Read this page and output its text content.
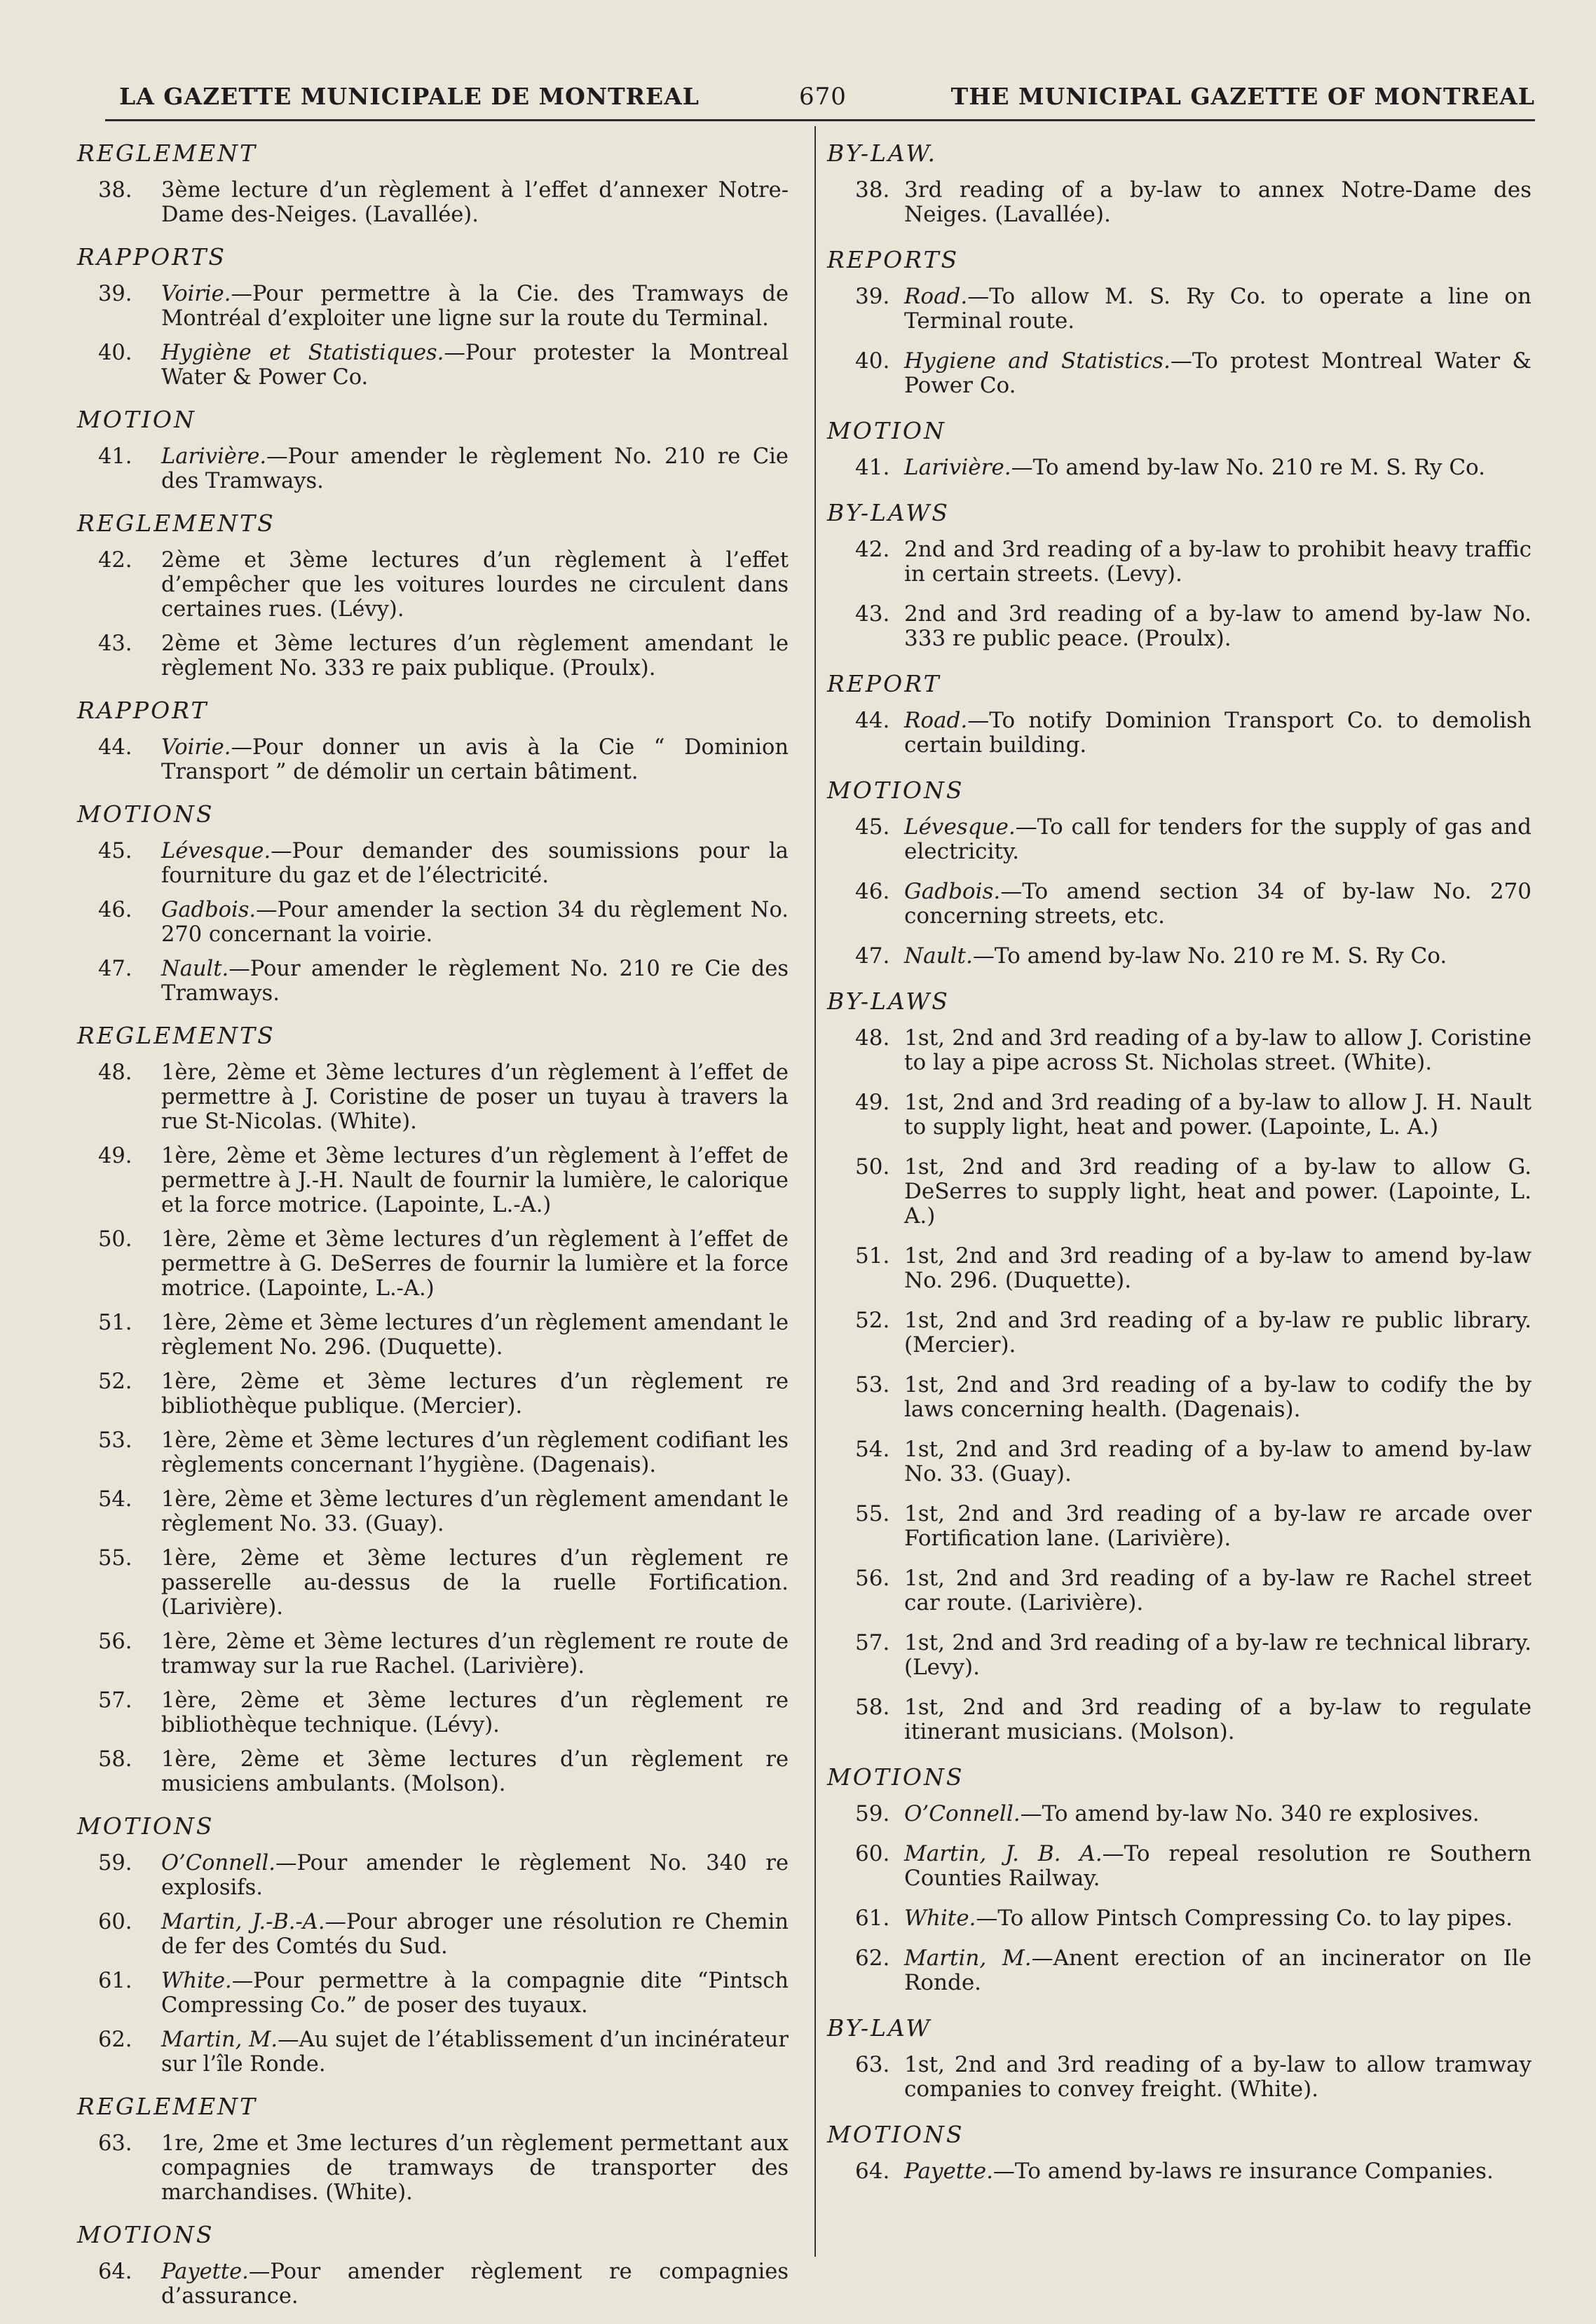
LA GAZETTE MUNICIPALE DE MONTREAL	670	THE MUNICIPAL GAZETTE OF MONTREAL
REGLEMENT
38. 3ème lecture d’un règlement à l’effet d’annexer Notre-Dame des-Neiges. (Lavallée).
RAPPORTS
39. Voirie.—Pour permettre à la Cie. des Tramways de Montréal d’exploiter une ligne sur la route du Terminal.
40. Hygiène et Statistiques.—Pour protester la Montreal Water & Power Co.
MOTION
41. Larivière.—Pour amender le règlement No. 210 re Cie des Tramways.
REGLEMENTS
42. 2ème et 3ème lectures d’un règlement à l’effet d’empêcher que les voitures lourdes ne circulent dans certaines rues. (Lévy).
43. 2ème et 3ème lectures d’un règlement amendant le règlement No. 333 re paix publique. (Proulx).
RAPPORT
44. Voirie.—Pour donner un avis à la Cie “ Dominion Transport ” de démolir un certain bâtiment.
MOTIONS
45. Lévesque.—Pour demander des soumissions pour la fourniture du gaz et de l’électricité.
46. Gadbois.—Pour amender la section 34 du règlement No. 270 concernant la voirie.
47. Nault.—Pour amender le règlement No. 210 re Cie des Tramways.
REGLEMENTS
48. 1ère, 2ème et 3ème lectures d’un règlement à l’effet de permettre à J. Coristine de poser un tuyau à travers la rue St-Nicolas. (White).
49. 1ère, 2ème et 3ème lectures d’un règlement à l’effet de permettre à J.-H. Nault de fournir la lumière, le calorique et la force motrice. (Lapointe, L.-A.)
50. 1ère, 2ème et 3ème lectures d’un règlement à l’effet de permettre à G. DeSerres de fournir la lumière et la force motrice. (Lapointe, L.-A.)
51. 1ère, 2ème et 3ème lectures d’un règlement amendant le règlement No. 296. (Duquette).
52. 1ère, 2ème et 3ème lectures d’un règlement re bibliothèque publique. (Mercier).
53. 1ère, 2ème et 3ème lectures d’un règlement codifiant les règlements concernant l’hygiène. (Dagenais).
54. 1ère, 2ème et 3ème lectures d’un règlement amendant le règlement No. 33. (Guay).
55. 1ère, 2ème et 3ème lectures d’un règlement re passerelle au-dessus de la ruelle Fortification. (Larivière).
56. 1ère, 2ème et 3ème lectures d’un règlement re route de tramway sur la rue Rachel. (Larivière).
57. 1ère, 2ème et 3ème lectures d’un règlement re bibliothèque technique. (Lévy).
58. 1ère, 2ème et 3ème lectures d’un règlement re musiciens ambulants. (Molson).
MOTIONS
59. O’Connell.—Pour amender le règlement No. 340 re explosifs.
60. Martin, J.-B.-A.—Pour abroger une résolution re Chemin de fer des Comtés du Sud.
61. White.—Pour permettre à la compagnie dite “Pintsch Compressing Co.” de poser des tuyaux.
62. Martin, M.—Au sujet de l’établissement d’un incinérateur sur l’île Ronde.
REGLEMENT
63. 1re, 2me et 3me lectures d’un règlement permettant aux compagnies de tramways de transporter des marchandises. (White).
MOTIONS
64. Payette.—Pour amender règlement re compagnies d’assurance.
BY-LAW.
38. 3rd reading of a by-law to annex Notre-Dame des Neiges. (Lavallée).
REPORTS
39. Road.—To allow M. S. Ry Co. to operate a line on Terminal route.
40. Hygiene and Statistics.—To protest Montreal Water & Power Co.
MOTION
41. Larivière.—To amend by-law No. 210 re M. S. Ry Co.
BY-LAWS
42. 2nd and 3rd reading of a by-law to prohibit heavy traffic in certain streets. (Levy).
43. 2nd and 3rd reading of a by-law to amend by-law No. 333 re public peace. (Proulx).
REPORT
44. Road.—To notify Dominion Transport Co. to demolish certain building.
MOTIONS
45. Lévesque.—To call for tenders for the supply of gas and electricity.
46. Gadbois.—To amend section 34 of by-law No. 270 concerning streets, etc.
47. Nault.—To amend by-law No. 210 re M. S. Ry Co.
BY-LAWS
48. 1st, 2nd and 3rd reading of a by-law to allow J. Coristine to lay a pipe across St. Nicholas street. (White).
49. 1st, 2nd and 3rd reading of a by-law to allow J. H. Nault to supply light, heat and power. (Lapointe, L. A.)
50. 1st, 2nd and 3rd reading of a by-law to allow G. DeSerres to supply light, heat and power. (Lapointe, L. A.)
51. 1st, 2nd and 3rd reading of a by-law to amend by-law No. 296. (Duquette).
52. 1st, 2nd and 3rd reading of a by-law re public library. (Mercier).
53. 1st, 2nd and 3rd reading of a by-law to codify the by laws concerning health. (Dagenais).
54. 1st, 2nd and 3rd reading of a by-law to amend by-law No. 33. (Guay).
55. 1st, 2nd and 3rd reading of a by-law re arcade over Fortification lane. (Larivière).
56. 1st, 2nd and 3rd reading of a by-law re Rachel street car route. (Larivière).
57. 1st, 2nd and 3rd reading of a by-law re technical library. (Levy).
58. 1st, 2nd and 3rd reading of a by-law to regulate itinerant musicians. (Molson).
MOTIONS
59. O’Connell.—To amend by-law No. 340 re explosives.
60. Martin, J. B. A.—To repeal resolution re Southern Counties Railway.
61. White.—To allow Pintsch Compressing Co. to lay pipes.
62. Martin, M.—Anent erection of an incinerator on Ile Ronde.
BY-LAW
63. 1st, 2nd and 3rd reading of a by-law to allow tramway companies to convey freight. (White).
MOTIONS
64. Payette.—To amend by-laws re insurance Companies.
